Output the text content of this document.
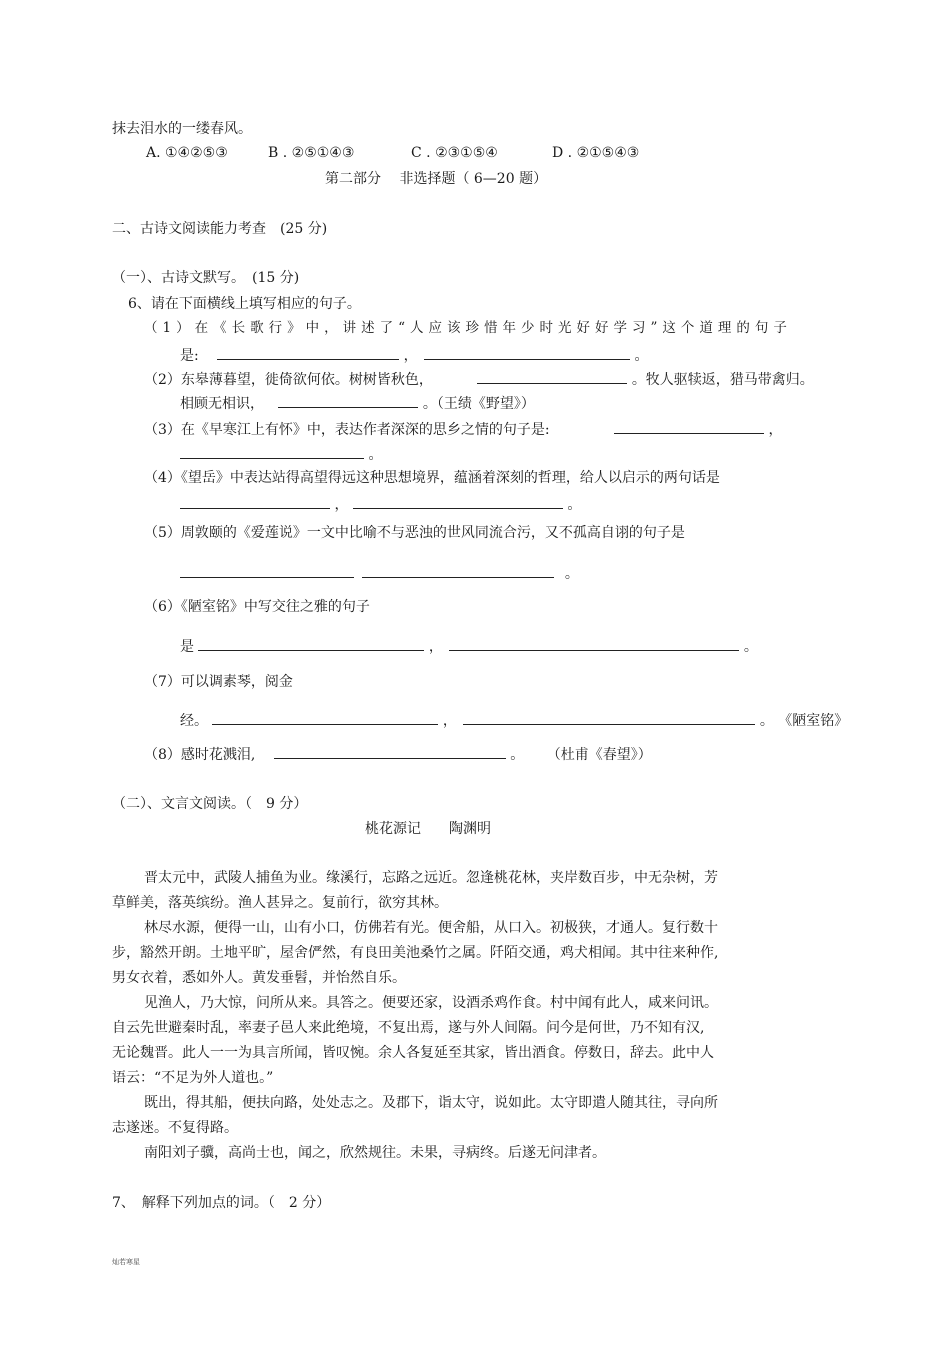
抹去泪水的一缕春风。
A. ①④②⑤③	B . ②⑤①④③	C . ②③①⑤④	D . ②①⑤④③
第二部分　 非选择题（ 6—20 题）
二、古诗文阅读能力考查　(25 分)
（一）、古诗文默写。　(15 分)
6、请在下面横线上填写相应的句子。
（1）在《长歌行》中，讲述了“人应该珍惜年少时光好好学习”这个道理的句子
是:	，	。
（2）东皋薄暮望，徙倚欲何依。树树皆秋色，	。牧人驱犊返，猎马带禽归。
相顾无相识，	。（王绩《野望》）
（3）在《早寒江上有怀》中，表达作者深深的思乡之情的句子是:	，
。
（4）《望岳》中表达站得高望得远这种思想境界，蕴涵着深刻的哲理，给人以启示的两句话是
，	。
（5）周敦颐的《爱莲说》一文中比喻不与恶浊的世风同流合污，又不孤高自诩的句子是
。
（6）《陋室铭》中写交往之雅的句子
是	，	。
（7）可以调素琴，阅金
经。	，	。 《陋室铭》
（8）感时花溅泪,	。 （杜甫《春望》）
（二）、文言文阅读。（　9 分）
桃花源记　　陶渊明
晋太元中，武陵人捕鱼为业。缘溪行，忘路之远近。忽逢桃花林，夹岸数百步，中无杂树，芳
草鲜美，落英缤纷。渔人甚异之。复前行，欲穷其林。
林尽水源，便得一山，山有小口，仿佛若有光。便舍船，从口入。初极狭，才通人。复行数十
步，豁然开朗。土地平旷，屋舍俨然，有良田美池桑竹之属。阡陌交通，鸡犬相闻。其中往来种作,
男女衣着，悉如外人。黄发垂髫，并怡然自乐。
见渔人，乃大惊，问所从来。具答之。便要还家，设酒杀鸡作食。村中闻有此人，咸来问讯。
自云先世避秦时乱，率妻子邑人来此绝境，不复出焉，遂与外人间隔。问今是何世，乃不知有汉,
无论魏晋。此人一一为具言所闻，皆叹惋。余人各复延至其家，皆出酒食。停数日，辞去。此中人
语云：“不足为外人道也。”
既出，得其船，便扶向路，处处志之。及郡下，诣太守，说如此。太守即遣人随其往，寻向所
志遂迷。不复得路。
南阳刘子骥，高尚士也，闻之，欣然规往。未果，寻病终。后遂无问津者。
7、　解释下列加点的词。（　2 分）
灿若寒星
